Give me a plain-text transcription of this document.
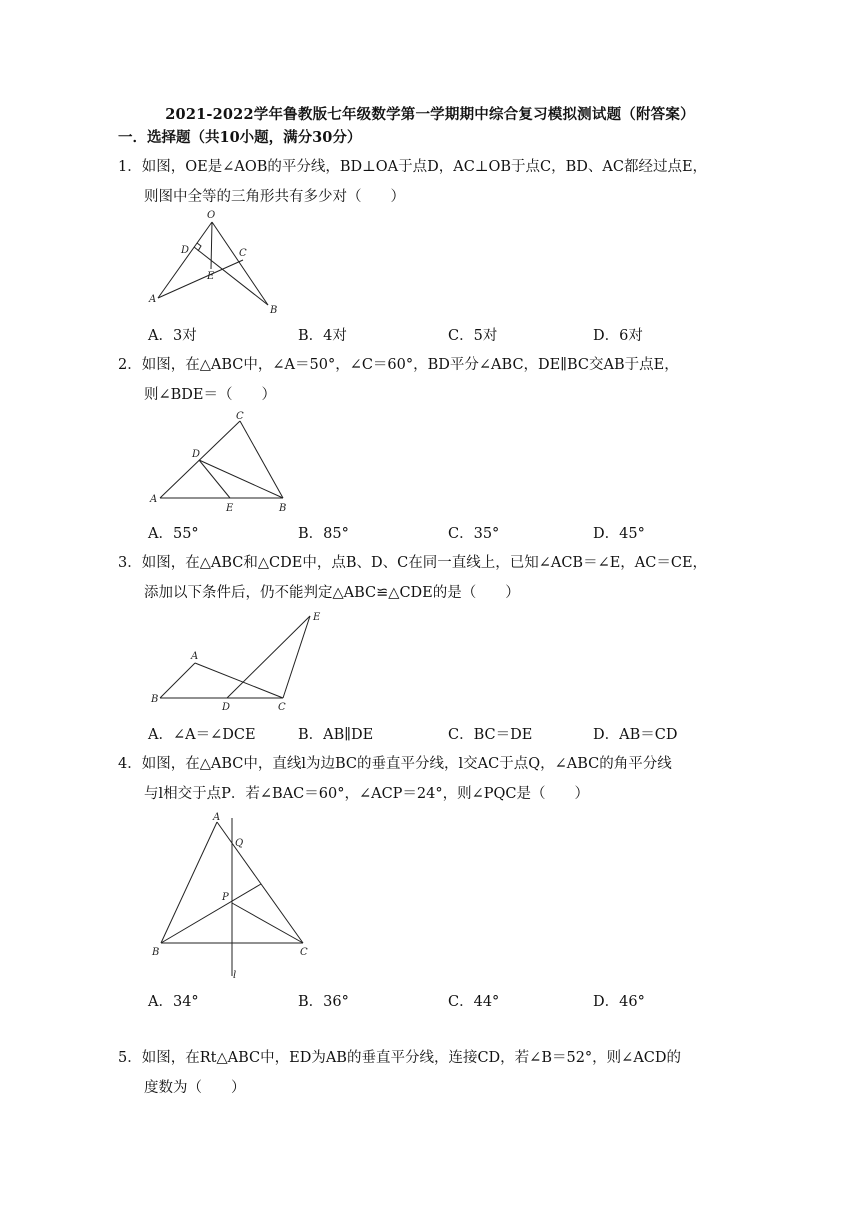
2021-2022学年鲁教版七年级数学第一学期期中综合复习模拟测试题（附答案）
一．选择题（共10小题，满分30分）
1．如图，OE是∠AOB的平分线，BD⊥OA于点D，AC⊥OB于点C，BD、AC都经过点E，
则图中全等的三角形共有多少对（　　）
O
D	C
E
A
B
A．3对	B．4对	C．5对	D．6对
2．如图，在△ABC中，∠A＝50°，∠C＝60°，BD平分∠ABC，DE∥BC交AB于点E，
则∠BDE＝（　　）
C
D
A
E	B
A．55°	B．85°	C．35°	D．45°
3．如图，在△ABC和△CDE中，点B、D、C在同一直线上，已知∠ACB＝∠E，AC＝CE，
添加以下条件后，仍不能判定△ABC≌△CDE的是（　　）
E
A
B
D	C
A．∠A＝∠DCE	B．AB∥DE	C．BC＝DE	D．AB＝CD
4．如图，在△ABC中，直线l为边BC的垂直平分线，l交AC于点Q，∠ABC的角平分线
与l相交于点P．若∠BAC＝60°，∠ACP＝24°，则∠PQC是（　　）
A
Q
P
B	C
l
A．34°	B．36°	C．44°	D．46°
5．如图，在Rt△ABC中，ED为AB的垂直平分线，连接CD，若∠B＝52°，则∠ACD的
度数为（　　）
